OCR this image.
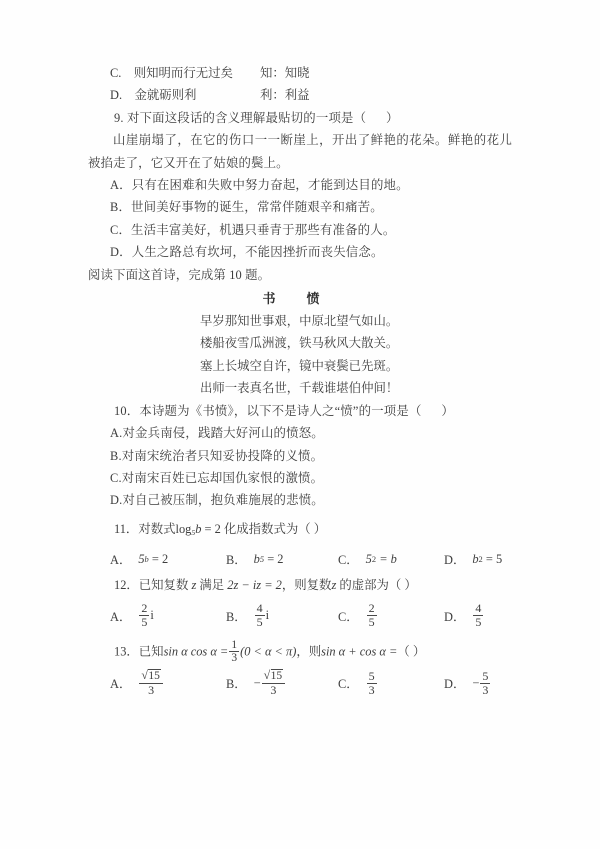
C.　 则知明而行无过矣	知：知晓
D.　 金就砺则利	利：利益
9. 对下面这段话的含义理解最贴切的一项是（      ）
山崖崩塌了，在它的伤口一一断崖上，开出了鲜艳的花朵。鲜艳的花儿被掐走了，它又开在了姑娘的鬓上。
A．只有在困难和失败中努力奋起，才能到达目的地。
B．世间美好事物的诞生，常常伴随艰辛和痛苦。
C．生活丰富美好，机遇只垂青于那些有准备的人。
D．人生之路总有坎坷，不能因挫折而丧失信念。
阅读下面这首诗，完成第 10 题。
书　愤
早岁那知世事艰，中原北望气如山。
楼船夜雪瓜洲渡，铁马秋风大散关。
塞上长城空自许，镜中衰鬓已先斑。
出师一表真名世，千载谁堪伯仲间！
10．本诗题为《书愤》，以下不是诗人之“愤”的一项是（      ）
A.对金兵南侵，践踏大好河山的愤怒。
B.对南宋统治者只知妥协投降的义愤。
C.对南宋百姓已忘却国仇家恨的激愤。
D.对自己被压制，抱负难施展的悲愤。
11．对数式$\log_5b = 2$ 化成指数式为（ ）
A． 5 b
= 2	B． b 5
= 2	C． 5 2
= b	D． b 2
= 5
12．已知复数 z 满足 2z − iz = 2，则复数z 的虚部为（ ）
A． $\frac{2}{5}$ i	B． $\frac{4}{5}$ i	C． $\frac{2}{5}$	D． $\frac{4}{5}$
13．已知sin α $\cos \alpha = \frac{1}{3} (0 < \alpha < \pi)$，则sin α + cos α =（ ）
A． √ $\frac{15}{3}$	B． − √ $\frac{15}{3}$	C． $\frac{5}{3}$	D． − $\frac{5}{3}$
